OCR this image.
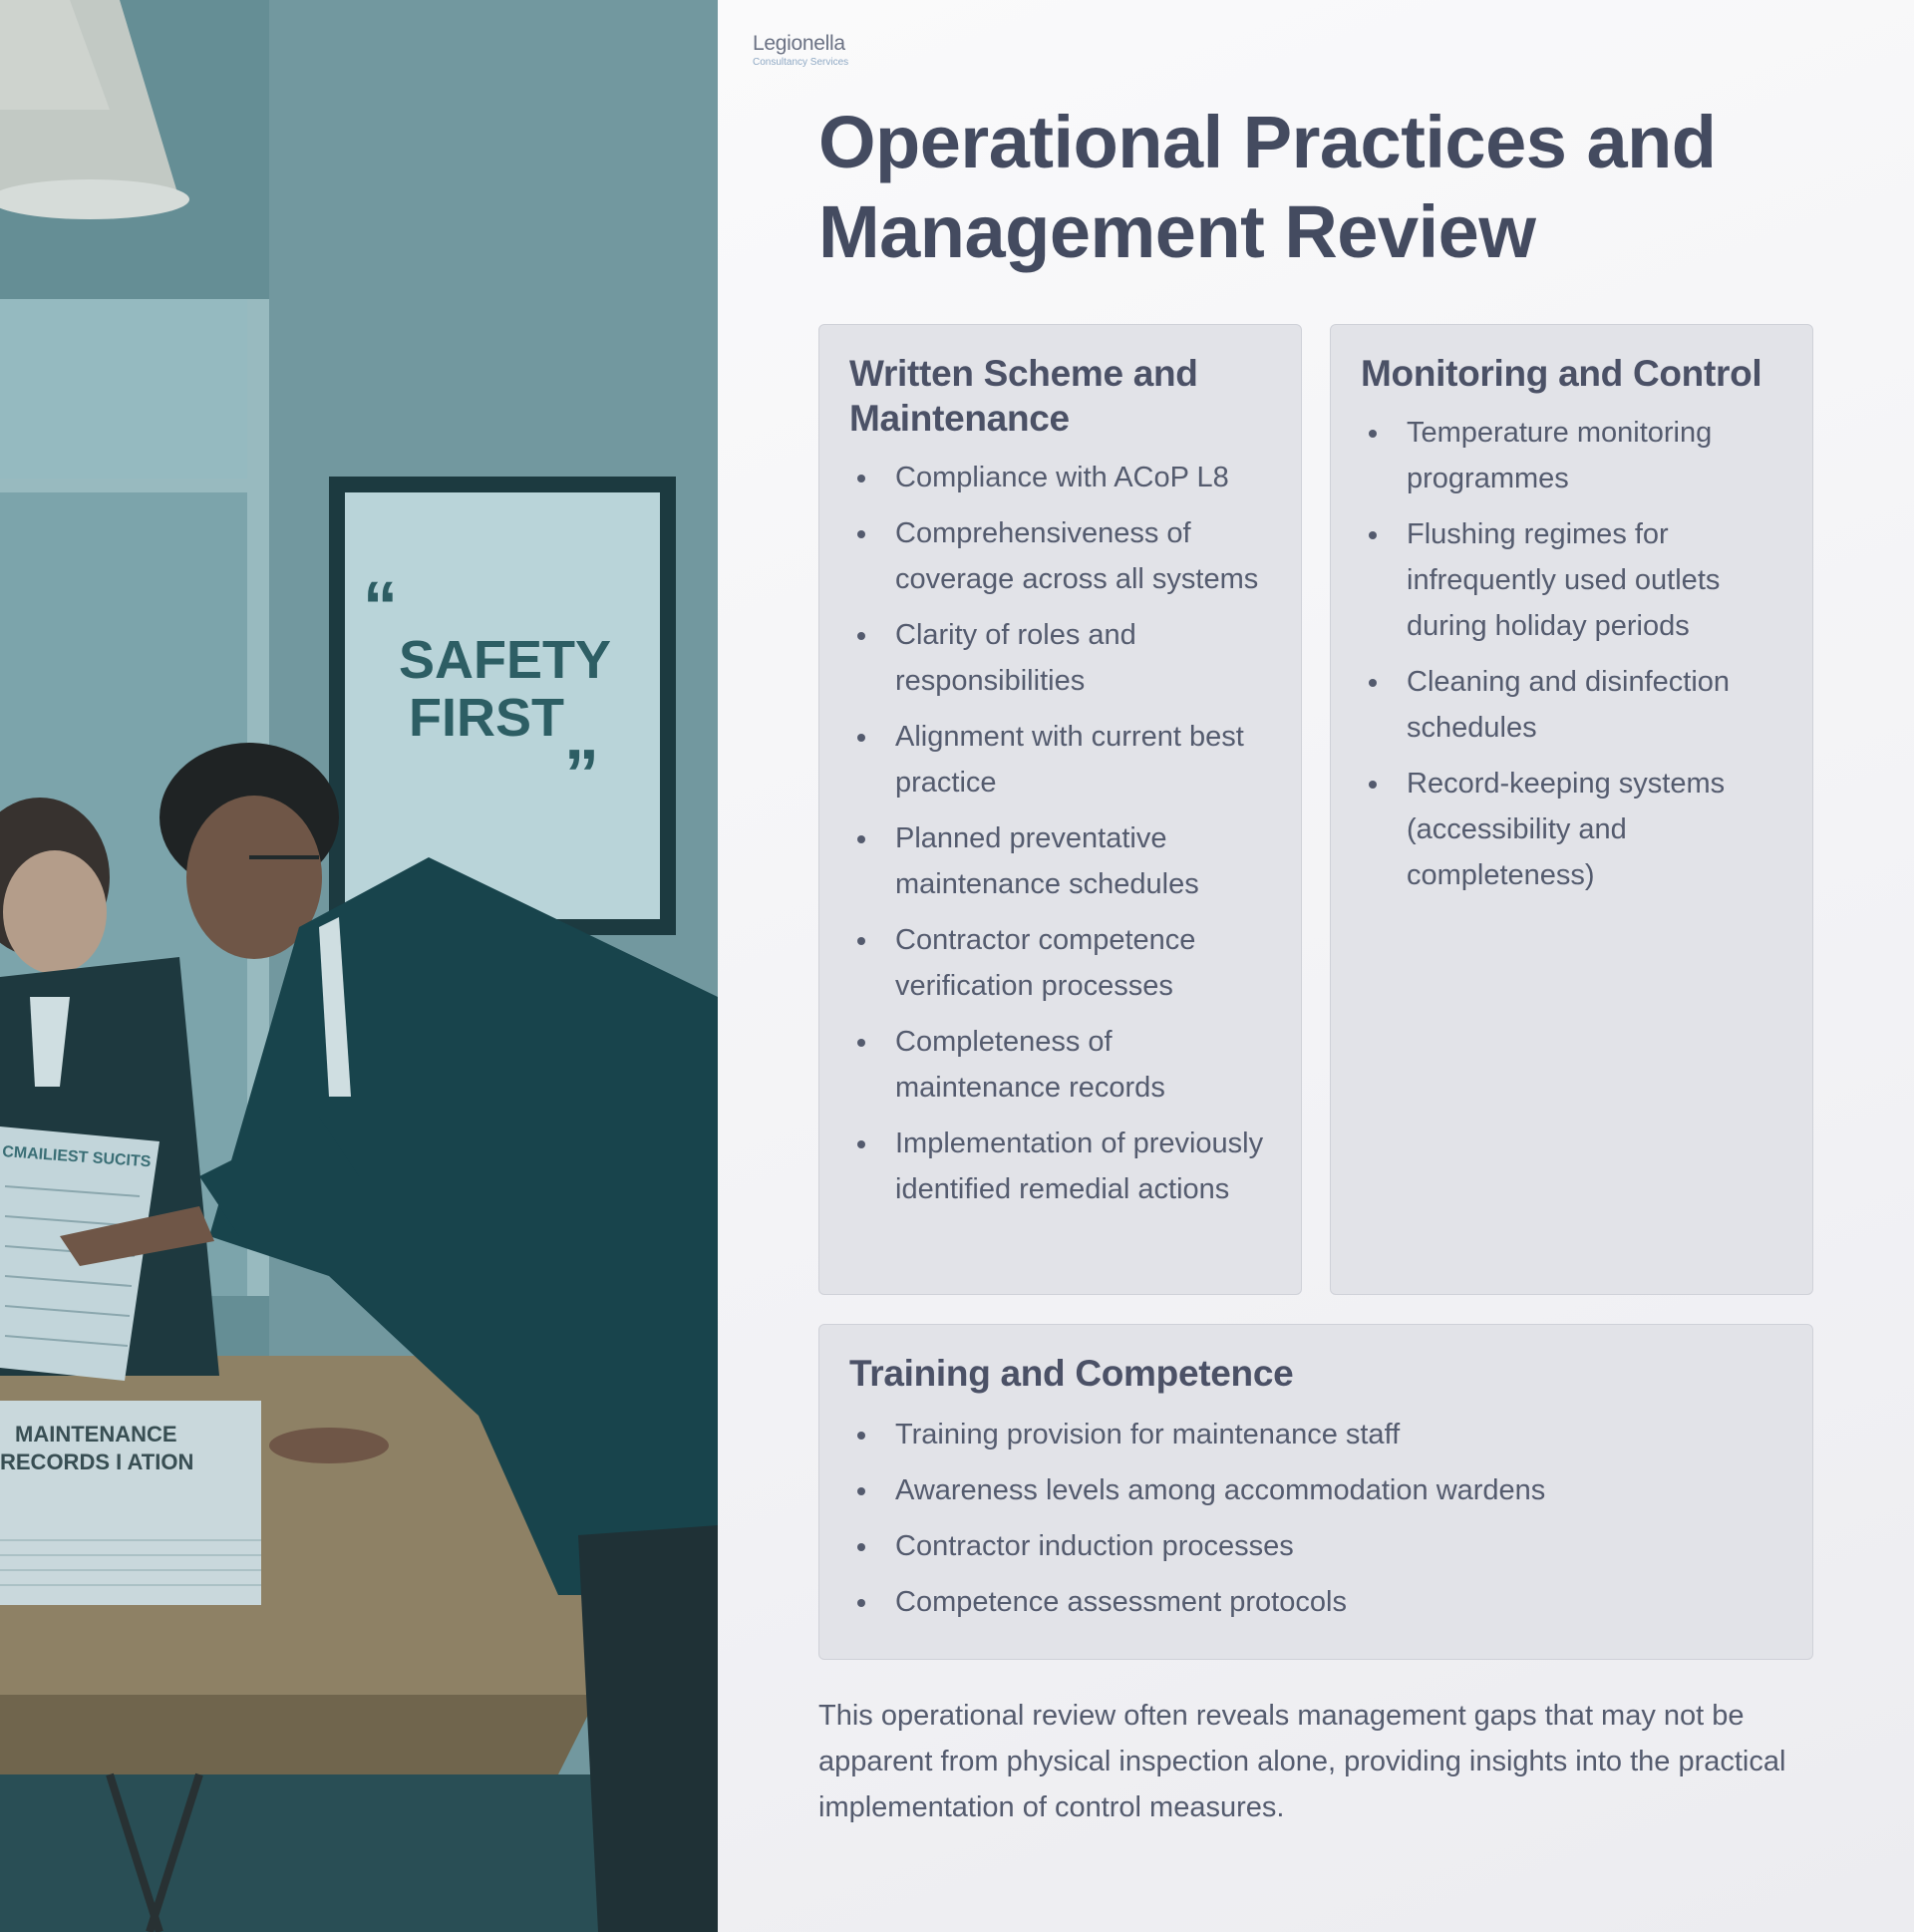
“
SAFETY
FIRST
”
CMAILIEST SUCITS
MAINTENANCE
RECORDS I ATION
Legionella
Consultancy Services
Operational Practices and Management Review
Written Scheme and Maintenance
Compliance with ACoP L8
Comprehensiveness of coverage across all systems
Clarity of roles and responsibilities
Alignment with current best practice
Planned preventative maintenance schedules
Contractor competence verification processes
Completeness of maintenance records
Implementation of previously identified remedial actions
Monitoring and Control
Temperature monitoring programmes
Flushing regimes for infrequently used outlets during holiday periods
Cleaning and disinfection schedules
Record-keeping systems (accessibility and completeness)
Training and Competence
Training provision for maintenance staff
Awareness levels among accommodation wardens
Contractor induction processes
Competence assessment protocols

This operational review often reveals management gaps that may not be apparent from physical inspection alone, providing insights into the practical implementation of control measures.
